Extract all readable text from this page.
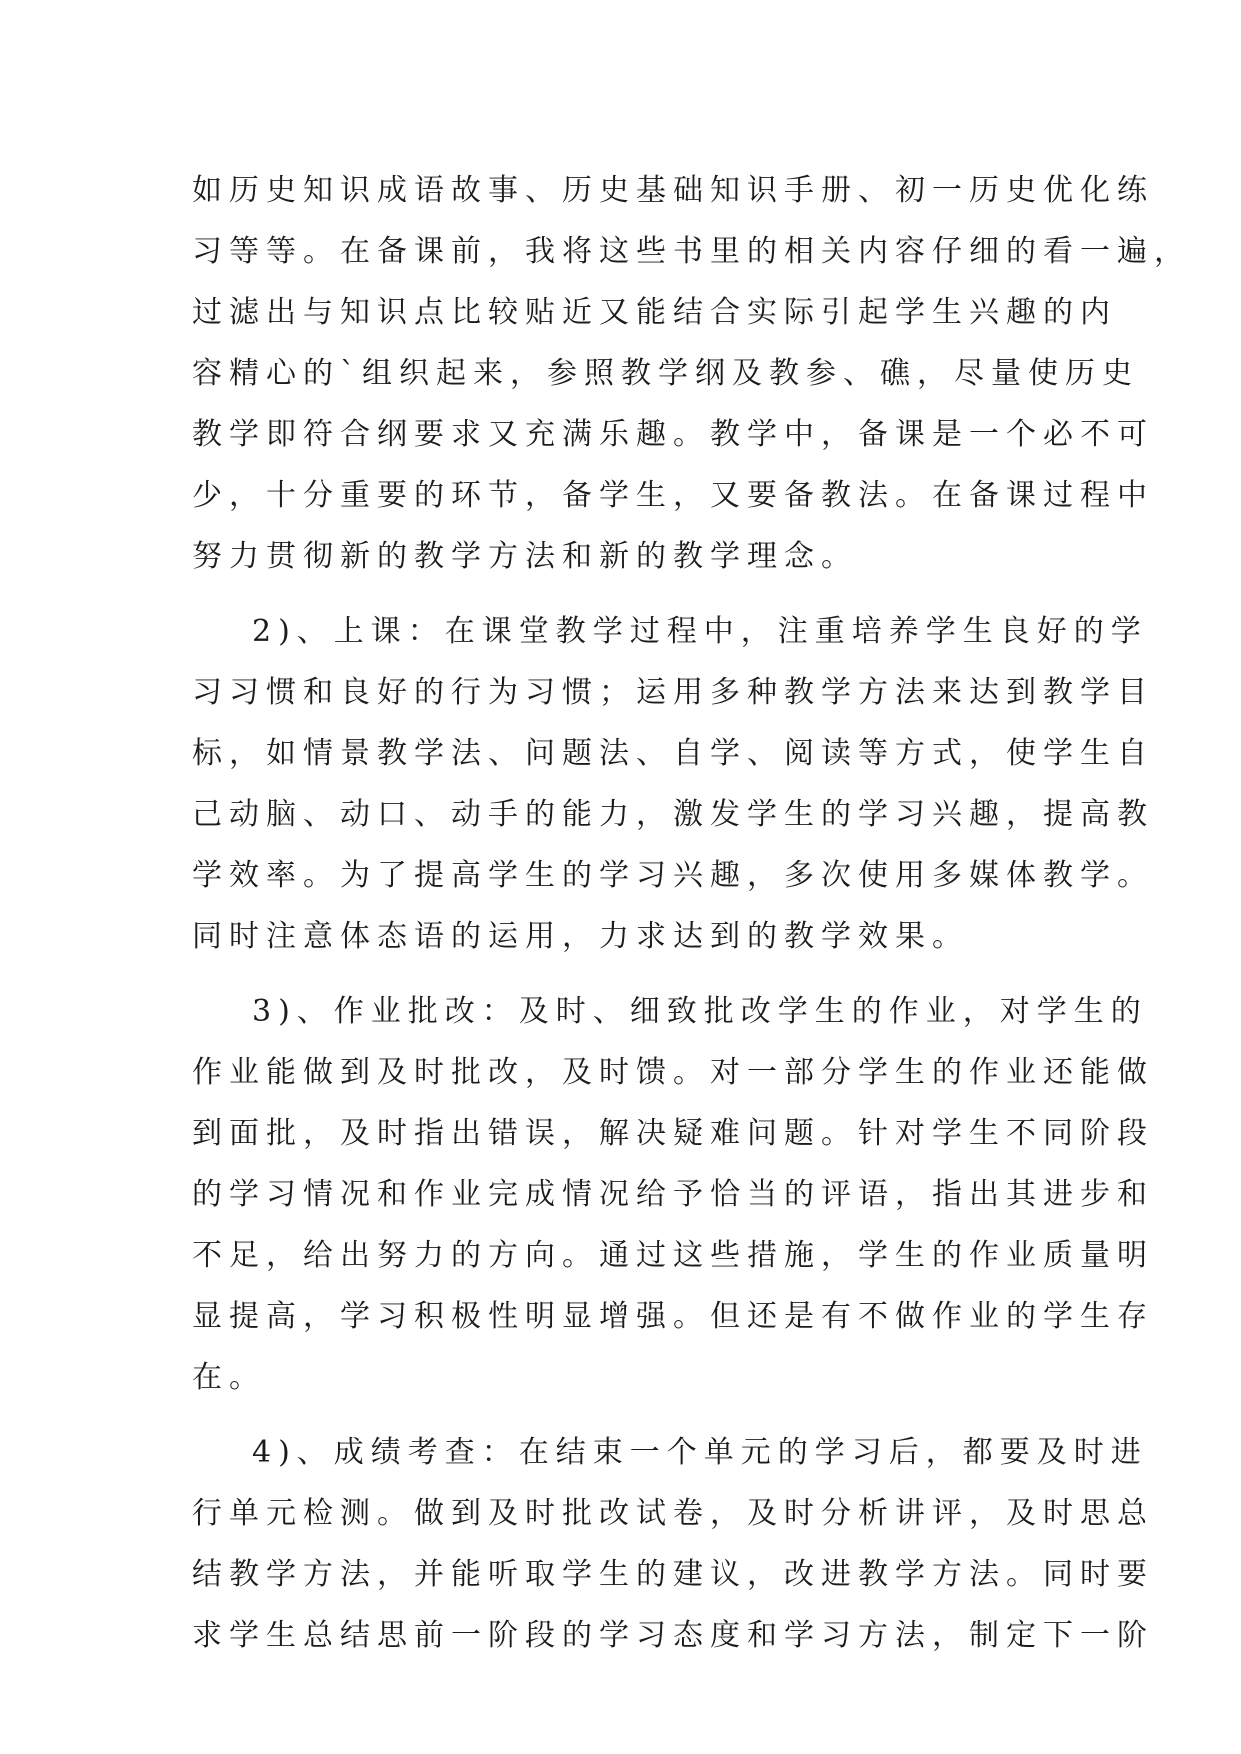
如历史知识成语故事、历史基础知识手册、初一历史优化练
习等等。在备课前，我将这些书里的相关内容仔细的看一遍，
过滤出与知识点比较贴近又能结合实际引起学生兴趣的内
容精心的`组织起来，参照教学纲及教参、礁，尽量使历史
教学即符合纲要求又充满乐趣。教学中，备课是一个必不可
少，十分重要的环节，备学生，又要备教法。在备课过程中
努力贯彻新的教学方法和新的教学理念。
2)、上课：在课堂教学过程中，注重培养学生良好的学
习习惯和良好的行为习惯；运用多种教学方法来达到教学目
标，如情景教学法、问题法、自学、阅读等方式，使学生自
己动脑、动口、动手的能力，激发学生的学习兴趣，提高教
学效率。为了提高学生的学习兴趣，多次使用多媒体教学。
同时注意体态语的运用，力求达到的教学效果。
3)、作业批改：及时、细致批改学生的作业，对学生的
作业能做到及时批改，及时馈。对一部分学生的作业还能做
到面批，及时指出错误，解决疑难问题。针对学生不同阶段
的学习情况和作业完成情况给予恰当的评语，指出其进步和
不足，给出努力的方向。通过这些措施，学生的作业质量明
显提高，学习积极性明显增强。但还是有不做作业的学生存
在。
4)、成绩考查：在结束一个单元的学习后，都要及时进
行单元检测。做到及时批改试卷，及时分析讲评，及时思总
结教学方法，并能听取学生的建议，改进教学方法。同时要
求学生总结思前一阶段的学习态度和学习方法，制定下一阶
